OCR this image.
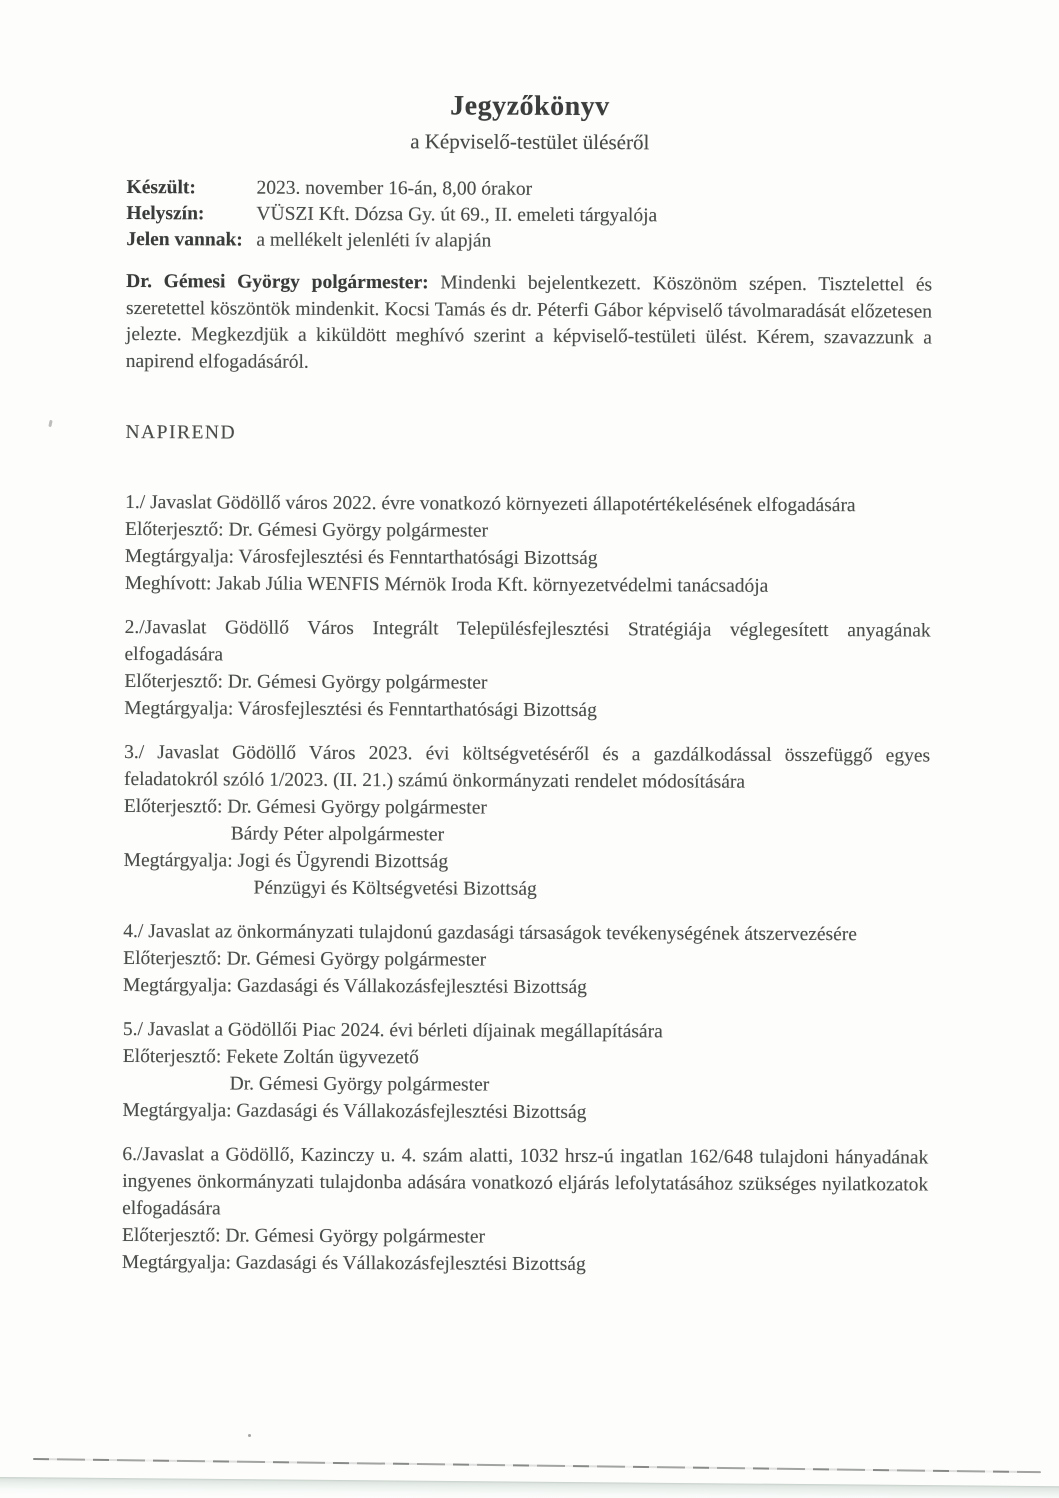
Jegyzőkönyv
a Képviselő-testület üléséről
Készült:	2023. november 16-án, 8,00 órakor
Helyszín:	VÜSZI Kft. Dózsa Gy. út 69., II. emeleti tárgyalója
Jelen vannak: a mellékelt jelenléti ív alapján

Dr. Gémesi György polgármester: Mindenki bejelentkezett. Köszönöm szépen. Tisztelettel és szeretettel köszöntök mindenkit. Kocsi Tamás és dr. Péterfi Gábor képviselő távolmaradását előzetesen jelezte. Megkezdjük a kiküldött meghívó szerint a képviselő-testületi ülést. Kérem, szavazzunk a napirend elfogadásáról.

NAPIREND
1./ Javaslat Gödöllő város 2022. évre vonatkozó környezeti állapotértékelésének elfogadására
Előterjesztő: Dr. Gémesi György polgármester
Megtárgyalja: Városfejlesztési és Fenntarthatósági Bizottság
Meghívott: Jakab Júlia WENFIS Mérnök Iroda Kft. környezetvédelmi tanácsadója
2./Javaslat Gödöllő Város Integrált Településfejlesztési Stratégiája véglegesített anyagának elfogadására
Előterjesztő: Dr. Gémesi György polgármester
Megtárgyalja: Városfejlesztési és Fenntarthatósági Bizottság
3./ Javaslat Gödöllő Város 2023. évi költségvetéséről és a gazdálkodással összefüggő egyes feladatokról szóló 1/2023. (II. 21.) számú önkormányzati rendelet módosítására
Előterjesztő: Dr. Gémesi György polgármester
Bárdy Péter alpolgármester
Megtárgyalja: Jogi és Ügyrendi Bizottság
Pénzügyi és Költségvetési Bizottság
4./ Javaslat az önkormányzati tulajdonú gazdasági társaságok tevékenységének átszervezésére
Előterjesztő: Dr. Gémesi György polgármester
Megtárgyalja: Gazdasági és Vállakozásfejlesztési Bizottság
5./ Javaslat a Gödöllői Piac 2024. évi bérleti díjainak megállapítására
Előterjesztő: Fekete Zoltán ügyvezető
Dr. Gémesi György polgármester
Megtárgyalja: Gazdasági és Vállakozásfejlesztési Bizottság
6./Javaslat a Gödöllő, Kazinczy u. 4. szám alatti, 1032 hrsz-ú ingatlan 162/648 tulajdoni hányadának ingyenes önkormányzati tulajdonba adására vonatkozó eljárás lefolytatásához szükséges nyilatkozatok elfogadására
Előterjesztő: Dr. Gémesi György polgármester
Megtárgyalja: Gazdasági és Vállakozásfejlesztési Bizottság
